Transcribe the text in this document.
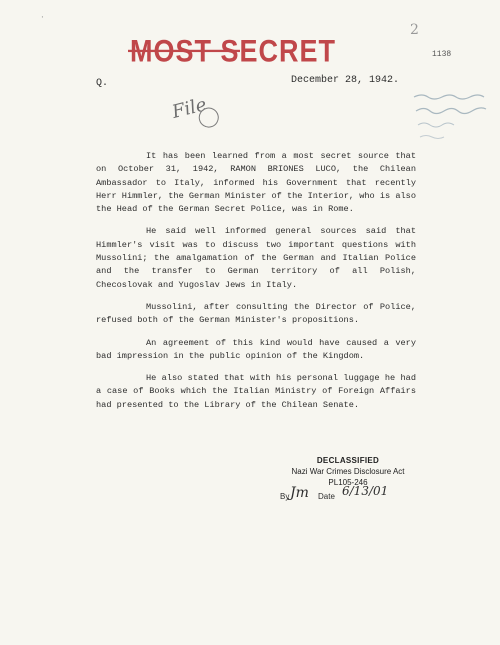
2
·
MOST SECRET	1138
Q.	December 28, 1942.
File

It has been learned from a most secret source that on October 31, 1942, RAMON BRIONES LUCO, the Chilean Ambassador to Italy, informed his Government that recently Herr Himmler, the German Minister of the Interior, who is also the Head of the German Secret Police, was in Rome.

He said well informed general sources said that Himmler's visit was to discuss two important questions with Mussolini; the amalgamation of the German and Italian Police and the transfer to German territory of all Polish, Checoslovak and Yugoslav Jews in Italy.

Mussolini, after consulting the Director of Police, refused both of the German Minister's propositions.

An agreement of this kind would have caused a very bad impression in the public opinion of the Kingdom.

He also stated that with his personal luggage he had a case of Books which the Italian Ministry of Foreign Affairs had presented to the Library of the Chilean Senate.

DECLASSIFIED
Nazi War Crimes Disclosure Act
PL105-246
By Jm Date 6/13/01
